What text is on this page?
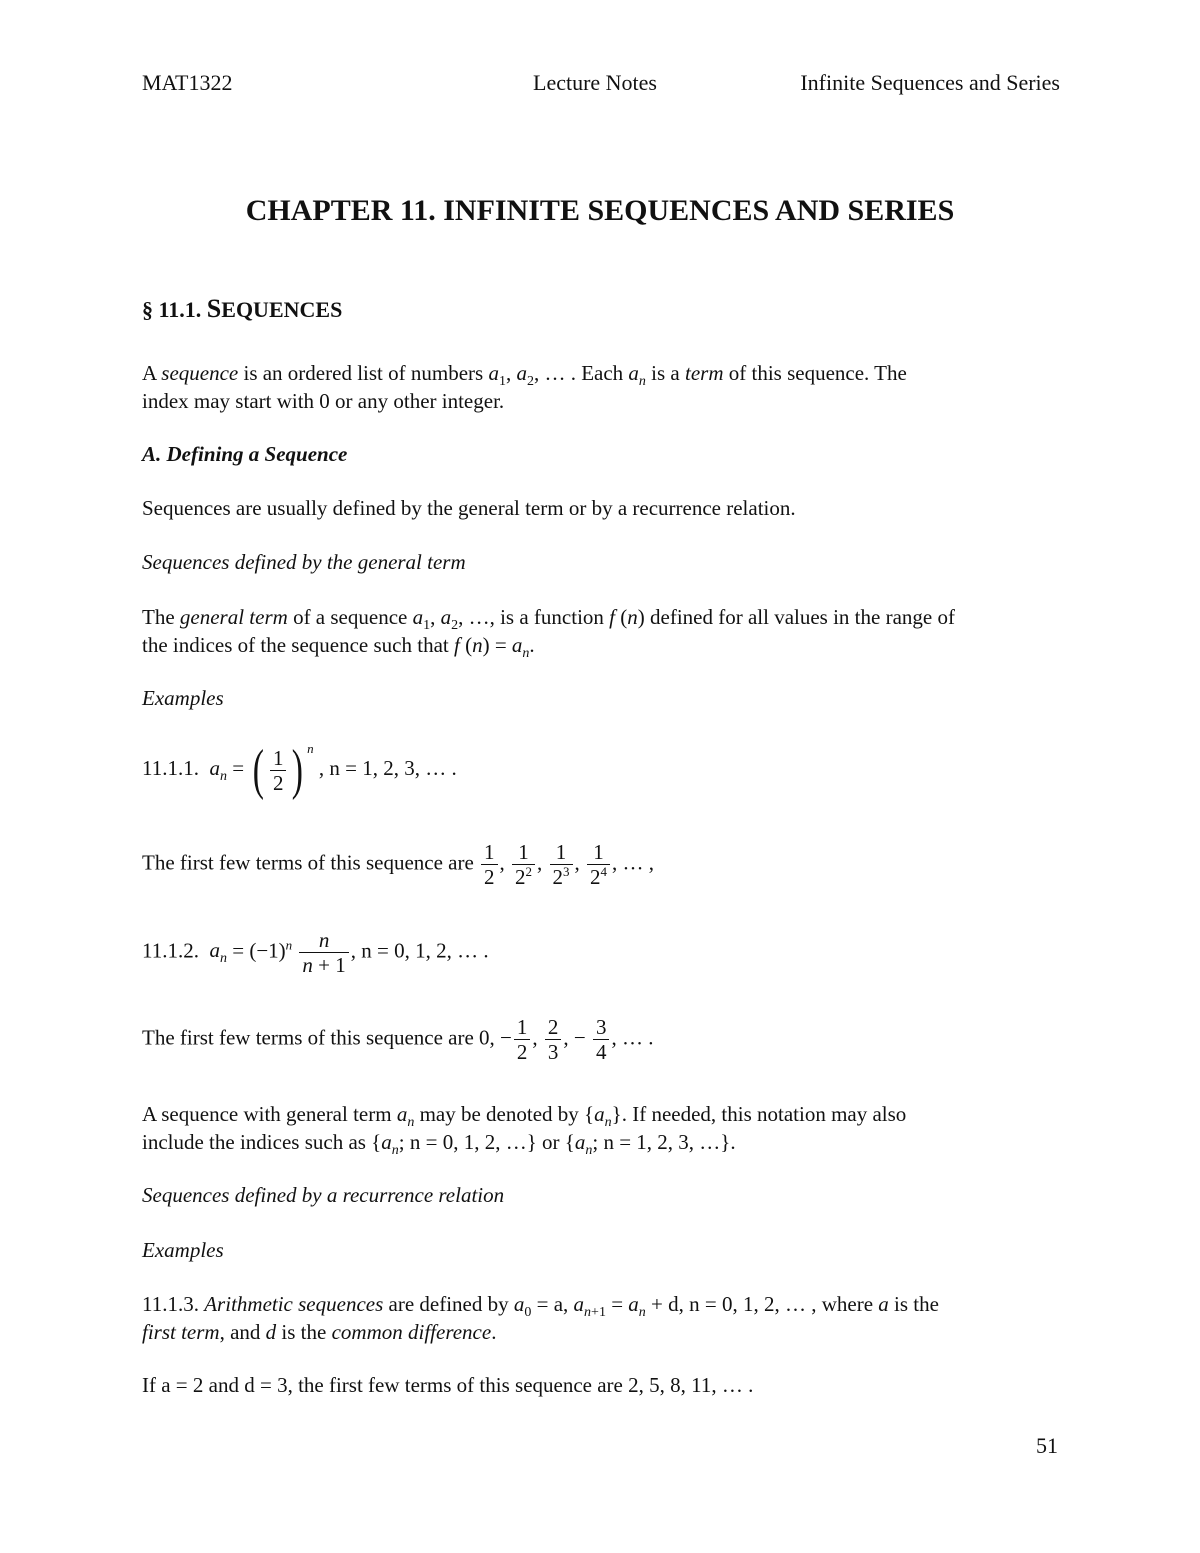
MAT1322	Lecture Notes	Infinite Sequences and Series
CHAPTER 11. INFINITE SEQUENCES AND SERIES
§ 11.1. SEQUENCES
A sequence is an ordered list of numbers $a_1$, $a_2$, … . Each $a_n$ is a term of this sequence. The
index may start with 0 or any other integer.
A. Defining a Sequence
Sequences are usually defined by the general term or by a recurrence relation.
Sequences defined by the general term
The general term of a sequence $a_1$, $a_2$, …, is a function f (n) defined for all values in the range of
the indices of the sequence such that f $(n) = a_n$.
Examples
11.1.1. $a_n$ = ( $\frac{1}{2}$ ) $^n$ , n = 1, 2, 3, … .
The first few terms of this sequence are $\frac{1}{2}$ , $\frac{1}{2^2}$ , $\frac{1}{2^3}$ , $\frac{1}{2^4}$ , … ,
11.1.2. $a_n = (-1)^n \frac{n}{n + 1}$ , n = 0, 1, 2, … .
The first few terms of this sequence are 0, − $\frac{1}{2}$ , $\frac{2}{3}$ , − $\frac{3}{4}$ , … .
A sequence with general term $a_n$ may be denoted by $\{a_n\}$. If needed, this notation may also
include the indices such as {$a_n$; n = 0, 1, 2, …} or {$a_n$; n = 1, 2, 3, …}.
Sequences defined by a recurrence relation
Examples
11.1.3. Arithmetic sequences are defined by $a_0 = a$, $a_{n+1} = a_n + d$, n = 0, 1, 2, … , where a is the
first term, and d is the common difference.
If a = 2 and d = 3, the first few terms of this sequence are 2, 5, 8, 11, … .
51
